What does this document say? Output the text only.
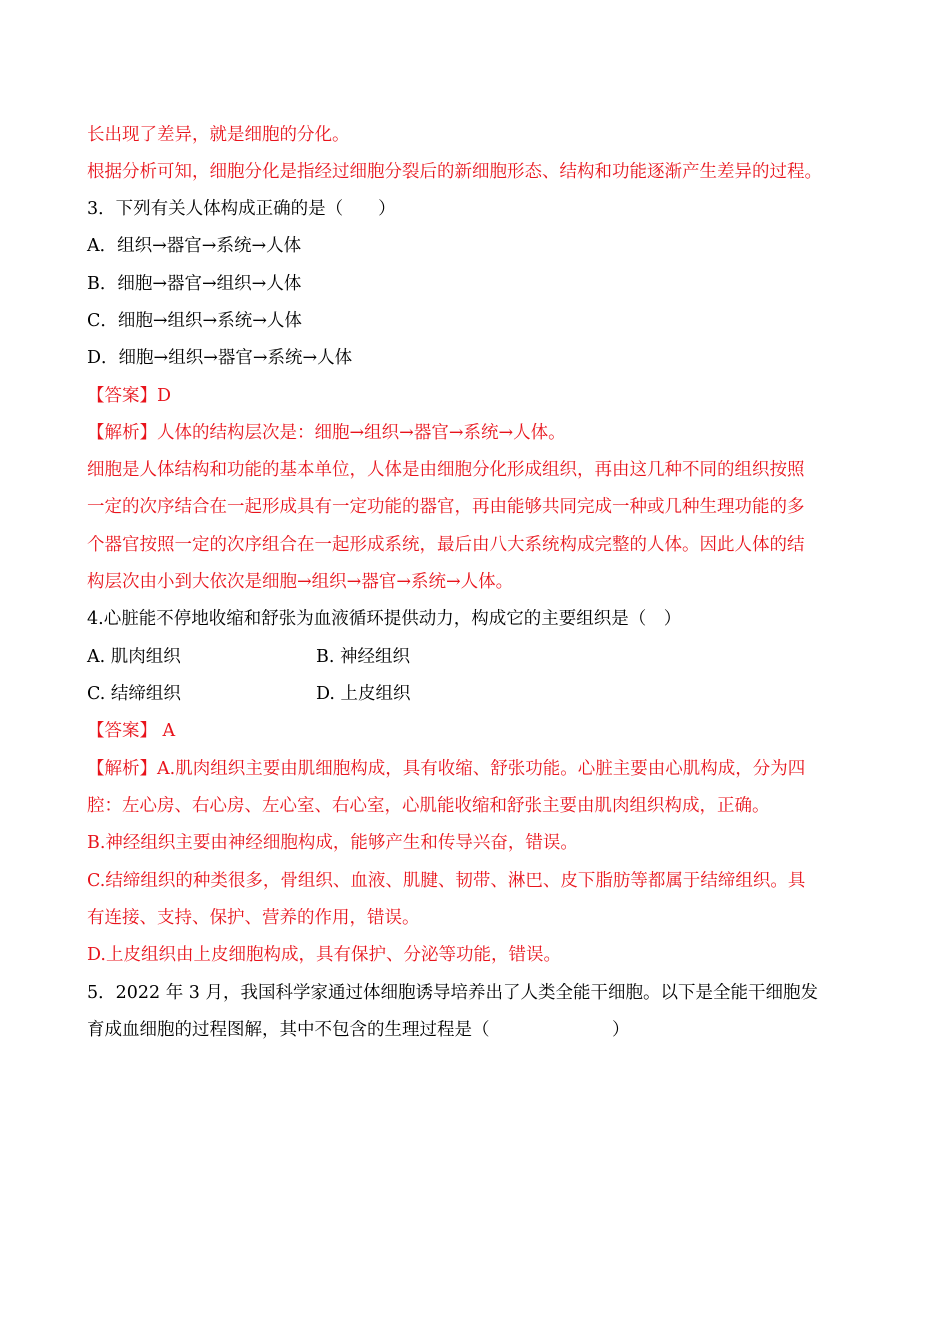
长出现了差异，就是细胞的分化。
根据分析可知，细胞分化是指经过细胞分裂后的新细胞形态、结构和功能逐渐产生差异的过程。
3．下列有关人体构成正确的是（　　）
A．组织→器官→系统→人体
B．细胞→器官→组织→人体
C．细胞→组织→系统→人体
D．细胞→组织→器官→系统→人体
【答案】D
【解析】人体的结构层次是：细胞→组织→器官→系统→人体。
细胞是人体结构和功能的基本单位，人体是由细胞分化形成组织，再由这几种不同的组织按照
一定的次序结合在一起形成具有一定功能的器官，再由能够共同完成一种或几种生理功能的多
个器官按照一定的次序组合在一起形成系统，最后由八大系统构成完整的人体。因此人体的结
构层次由小到大依次是细胞→组织→器官→系统→人体。
4.心脏能不停地收缩和舒张为血液循环提供动力，构成它的主要组织是（　）
A. 肌肉组织	B. 神经组织
C. 结缔组织	D. 上皮组织
【答案】 A
【解析】A.肌肉组织主要由肌细胞构成，具有收缩、舒张功能。心脏主要由心肌构成，分为四
腔：左心房、右心房、左心室、右心室，心肌能收缩和舒张主要由肌肉组织构成，正确。
B.神经组织主要由神经细胞构成，能够产生和传导兴奋，错误。
C.结缔组织的种类很多，骨组织、血液、肌腱、韧带、淋巴、皮下脂肪等都属于结缔组织。具
有连接、支持、保护、营养的作用，错误。
D.上皮组织由上皮细胞构成，具有保护、分泌等功能，错误。
5．2022 年 3 月，我国科学家通过体细胞诱导培养出了人类全能干细胞。以下是全能干细胞发
育成血细胞的过程图解，其中不包含的生理过程是（　　　　　　　）
